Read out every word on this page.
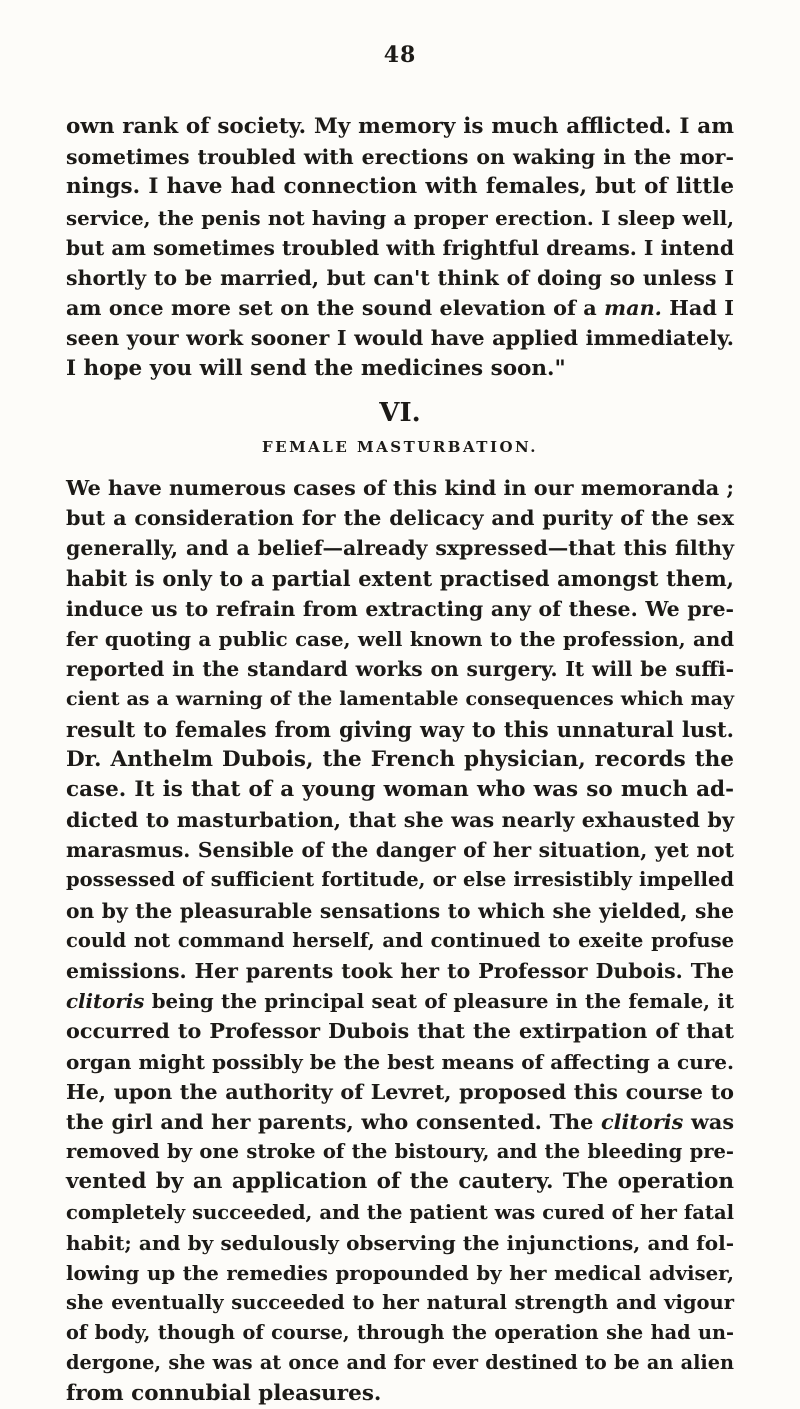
48
own rank of society. My memory is much afflicted. I am
sometimes troubled with erections on waking in the mor-
nings. I have had connection with females, but of little
service, the penis not having a proper erection. I sleep well,
but am sometimes troubled with frightful dreams. I intend
shortly to be married, but can't think of doing so unless I
am once more set on the sound elevation of a man. Had I
seen your work sooner I would have applied immediately.
I hope you will send the medicines soon."
VI.
FEMALE MASTURBATION.
We have numerous cases of this kind in our memoranda ;
but a consideration for the delicacy and purity of the sex
generally, and a belief—already sxpressed—that this filthy
habit is only to a partial extent practised amongst them,
induce us to refrain from extracting any of these. We pre-
fer quoting a public case, well known to the profession, and
reported in the standard works on surgery. It will be suffi-
cient as a warning of the lamentable consequences which may
result to females from giving way to this unnatural lust.
Dr. Anthelm Dubois, the French physician, records the
case. It is that of a young woman who was so much ad-
dicted to masturbation, that she was nearly exhausted by
marasmus. Sensible of the danger of her situation, yet not
possessed of sufficient fortitude, or else irresistibly impelled
on by the pleasurable sensations to which she yielded, she
could not command herself, and continued to exeite profuse
emissions. Her parents took her to Professor Dubois. The
clitoris being the principal seat of pleasure in the female, it
occurred to Professor Dubois that the extirpation of that
organ might possibly be the best means of affecting a cure.
He, upon the authority of Levret, proposed this course to
the girl and her parents, who consented. The clitoris was
removed by one stroke of the bistoury, and the bleeding pre-
vented by an application of the cautery. The operation
completely succeeded, and the patient was cured of her fatal
habit; and by sedulously observing the injunctions, and fol-
lowing up the remedies propounded by her medical adviser,
she eventually succeeded to her natural strength and vigour
of body, though of course, through the operation she had un-
dergone, she was at once and for ever destined to be an alien
from connubial pleasures.
